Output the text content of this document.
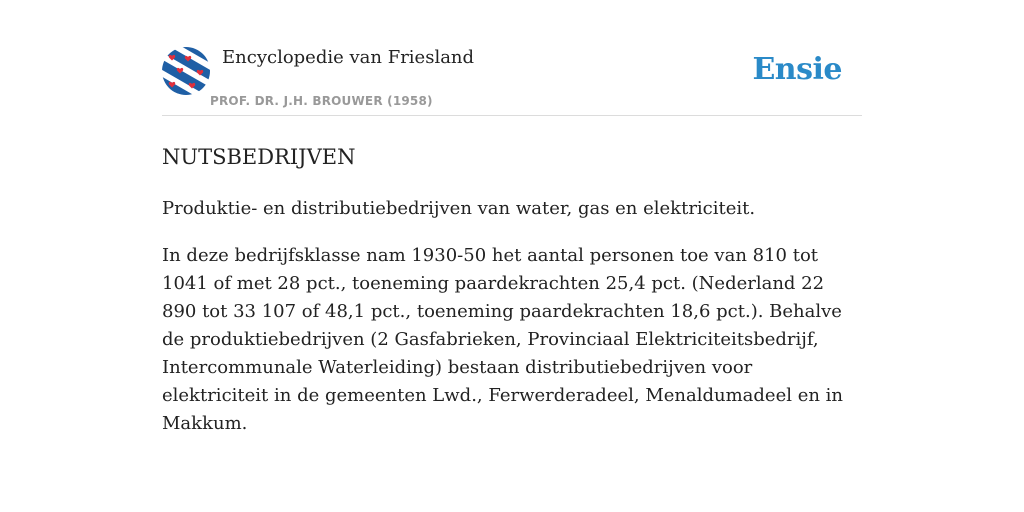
Encyclopedie van Friesland
PROF. DR. J.H. BROUWER (1958)
Ensie
NUTSBEDRIJVEN

Produktie- en distributiebedrijven van water, gas en elektriciteit.

In deze bedrijfsklasse nam 1930-50 het aantal personen toe van 810 tot 1041 of met 28 pct., toeneming paardekrachten 25,4 pct. (Nederland 22 890 tot 33 107 of 48,1 pct., toeneming paardekrachten 18,6 pct.). Behalve de produktiebedrijven (2 Gasfabrieken, Provinciaal Elektriciteitsbedrijf, Intercommunale Waterleiding) bestaan distributiebedrijven voor elektriciteit in de gemeenten Lwd., Ferwerderadeel, Menaldumadeel en in Makkum.
